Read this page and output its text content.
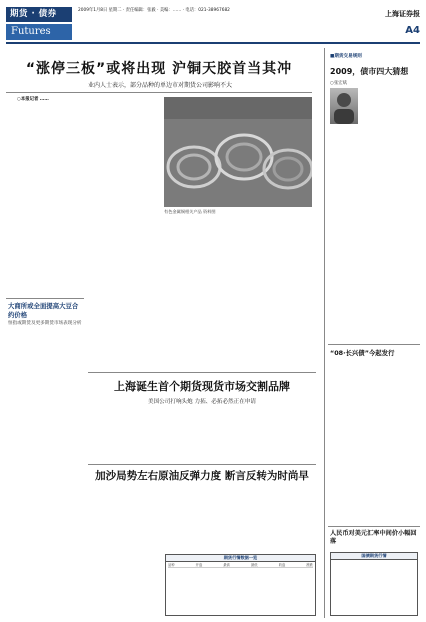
期货 · 债券
Futures
2009年1月8日 星期二 · 责任编辑：张毅 · 美编：…… · 电话：021-38967682	上海证券报
A4
“涨停三板”或将出现 沪铜天胶首当其冲
业内人士表示，部分品种的单边市对期货公司影响不大

○本报记者 ……

有色金属铜相关产品 资料图
大商所或全面提高大豆合约价格
恒指或期货及更多期货市场表现分析
上海诞生首个期货现货市场交割品牌
美国公司打响头炮 力拓、必拓必然正在申请
加沙局势左右原油反弹力度 断言反转为时尚早
期货行情数据一览
品种	开盘	最高	最低	收盘	涨跌
■期货交易规则
2009，债市四大猜想
○张宏斌
“08·长兴债”今起发行
人民币对美元汇率中间价小幅回落
国债期货行情
